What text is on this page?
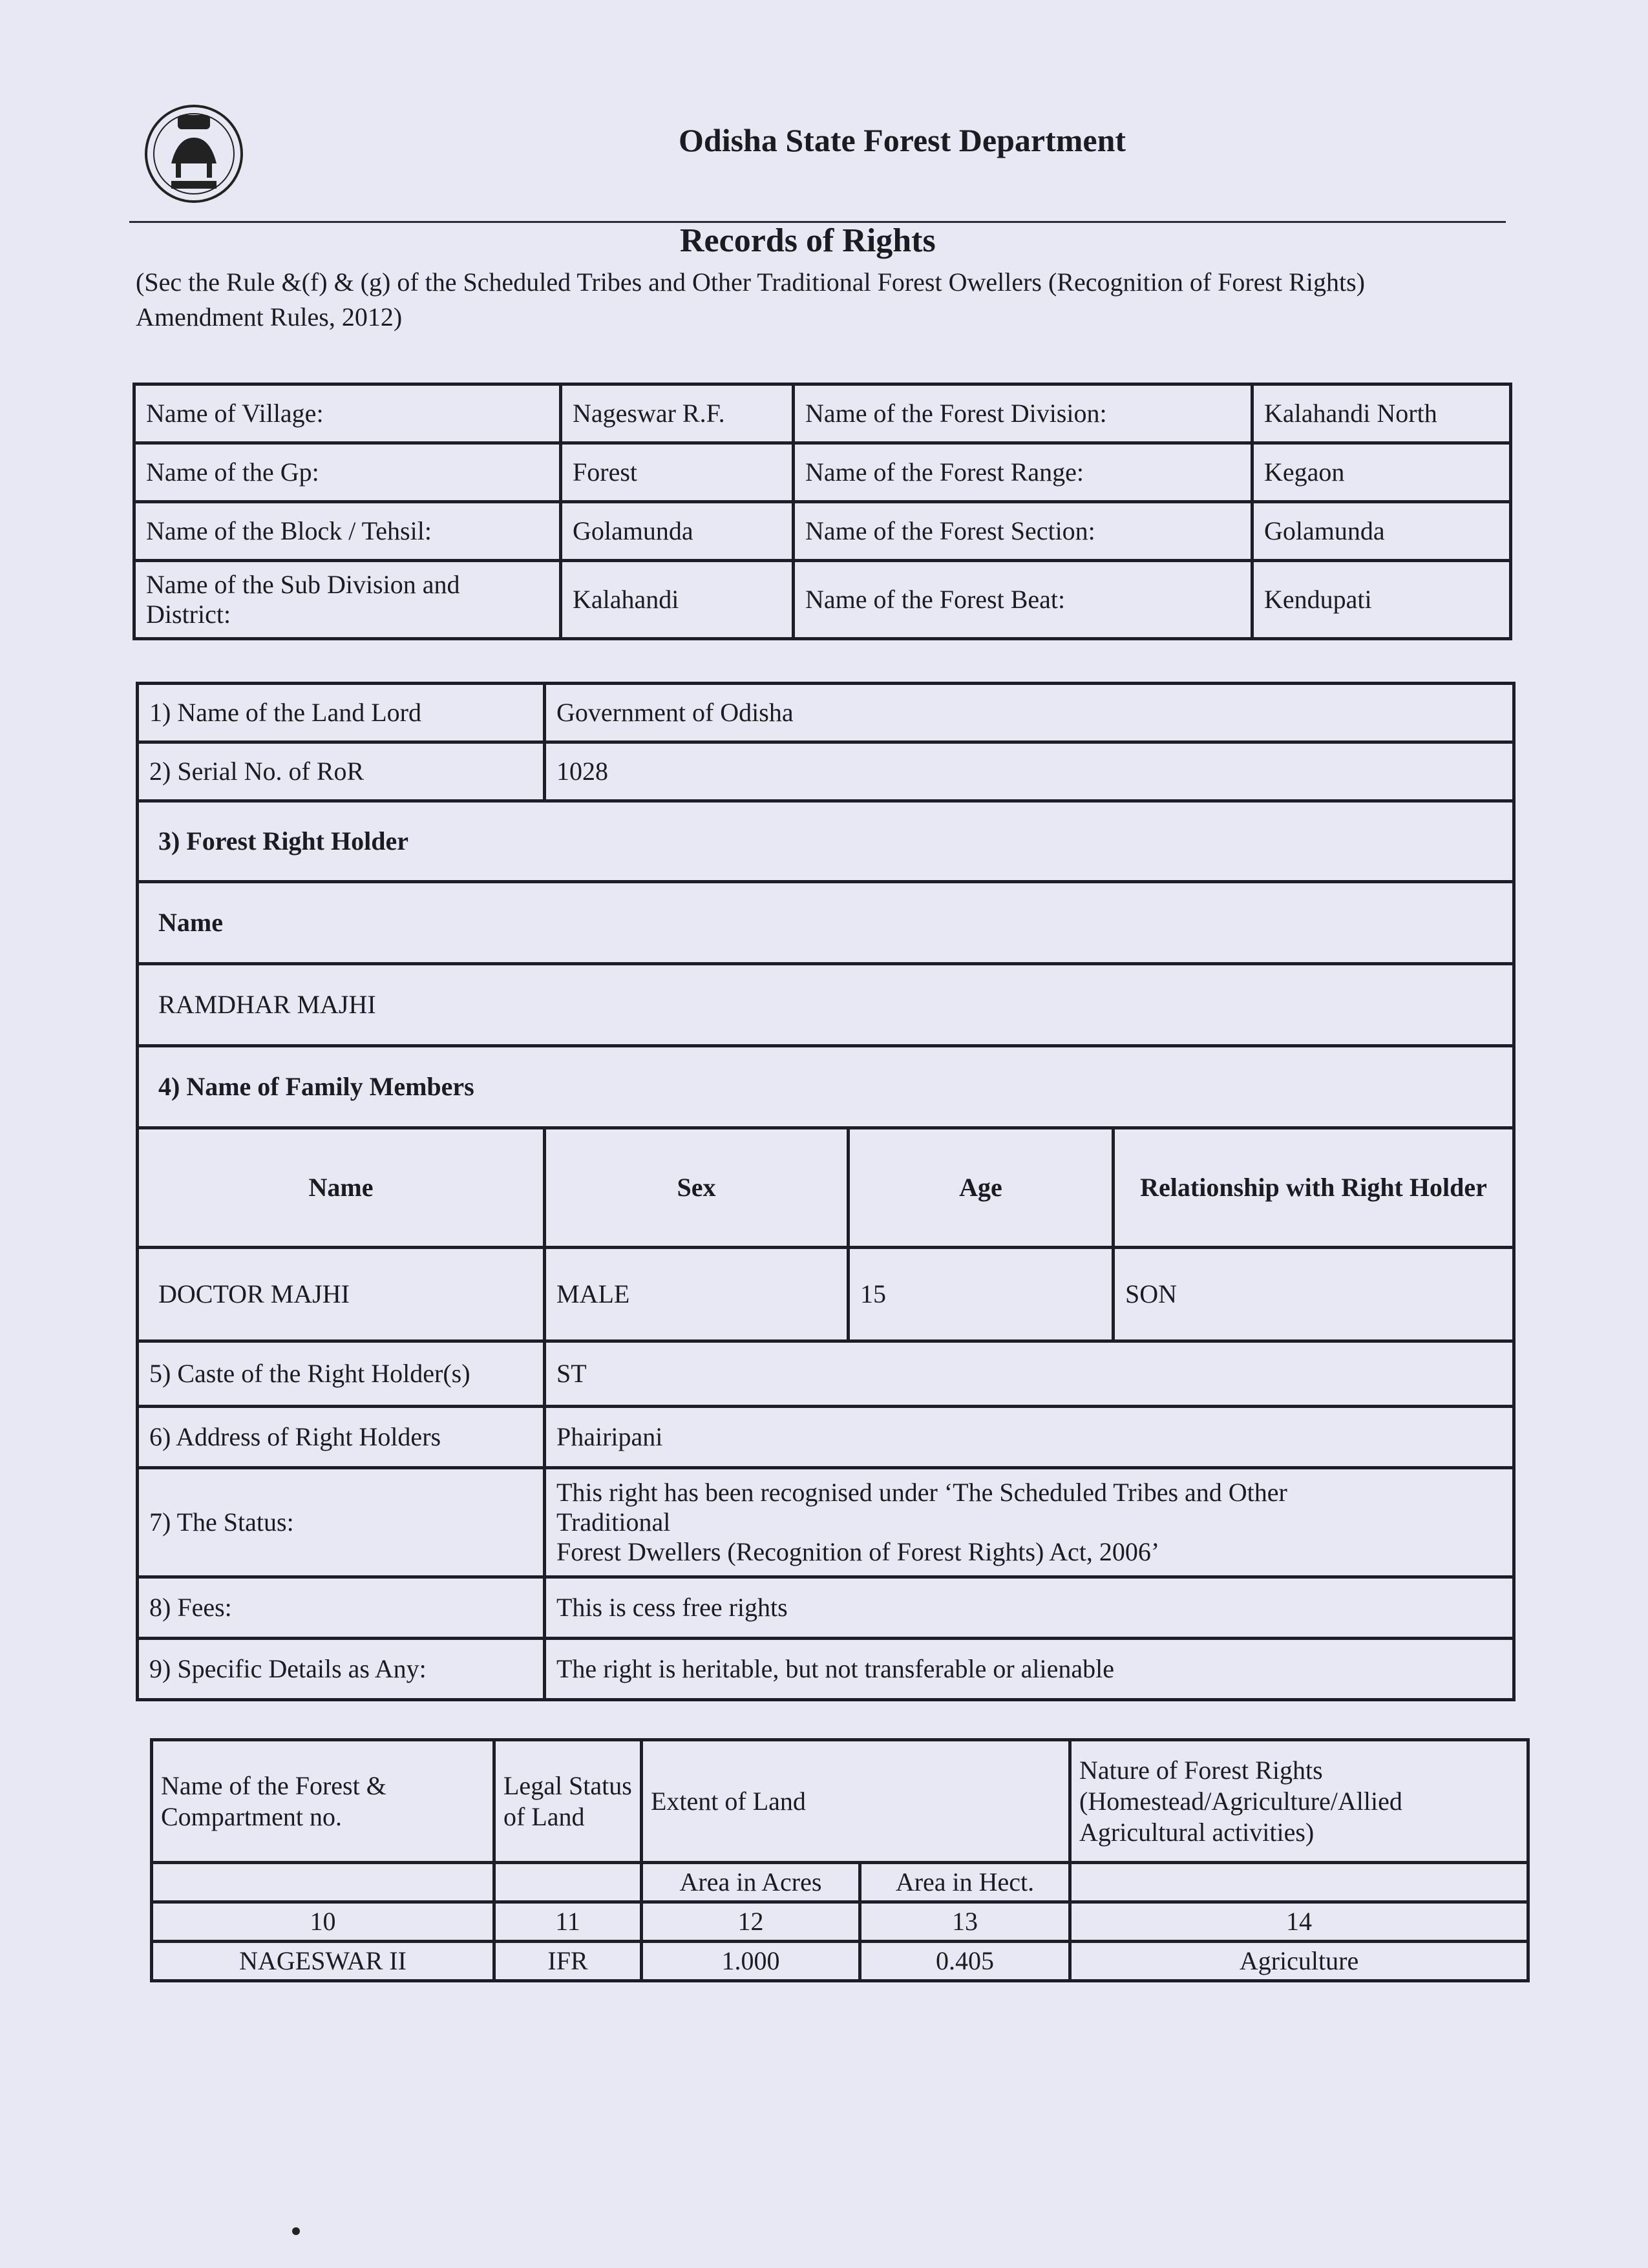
Odisha State Forest Department
Records of Rights
(Sec the Rule &(f) & (g) of the Scheduled Tribes and Other Traditional Forest Owellers (Recognition of Forest Rights) Amendment Rules, 2012)
Name of Village:	Nageswar R.F.	Name of the Forest Division:	Kalahandi North
Name of the Gp:	Forest	Name of the Forest Range:	Kegaon
Name of the Block / Tehsil:	Golamunda	Name of the Forest Section:	Golamunda
Name of the Sub Division and District:	Kalahandi	Name of the Forest Beat:	Kendupati
1) Name of the Land Lord	Government of Odisha		
2) Serial No. of RoR	1028		
3) Forest Right Holder			
Name			
RAMDHAR MAJHI			
4) Name of Family Members			
Name	Sex	Age	Relationship with Right Holder
DOCTOR MAJHI	MALE	15	SON
5) Caste of the Right Holder(s)	ST		
6) Address of Right Holders	Phairipani		
7) The Status:	This right has been recognised under ‘The Scheduled Tribes and Other
Traditional
Forest Dwellers (Recognition of Forest Rights) Act, 2006’		

8) Fees:	This is cess free rights		
9) Specific Details as Any:	The right is heritable, but not transferable or alienable		
Name of the Forest & Compartment no.	Legal Status of Land	Extent of Land		Nature of Forest Rights (Homestead/Agriculture/Allied Agricultural activities)
		Area in Acres	Area in Hect.	
10	11	12	13	14
NAGESWAR II	IFR	1.000	0.405	Agriculture
